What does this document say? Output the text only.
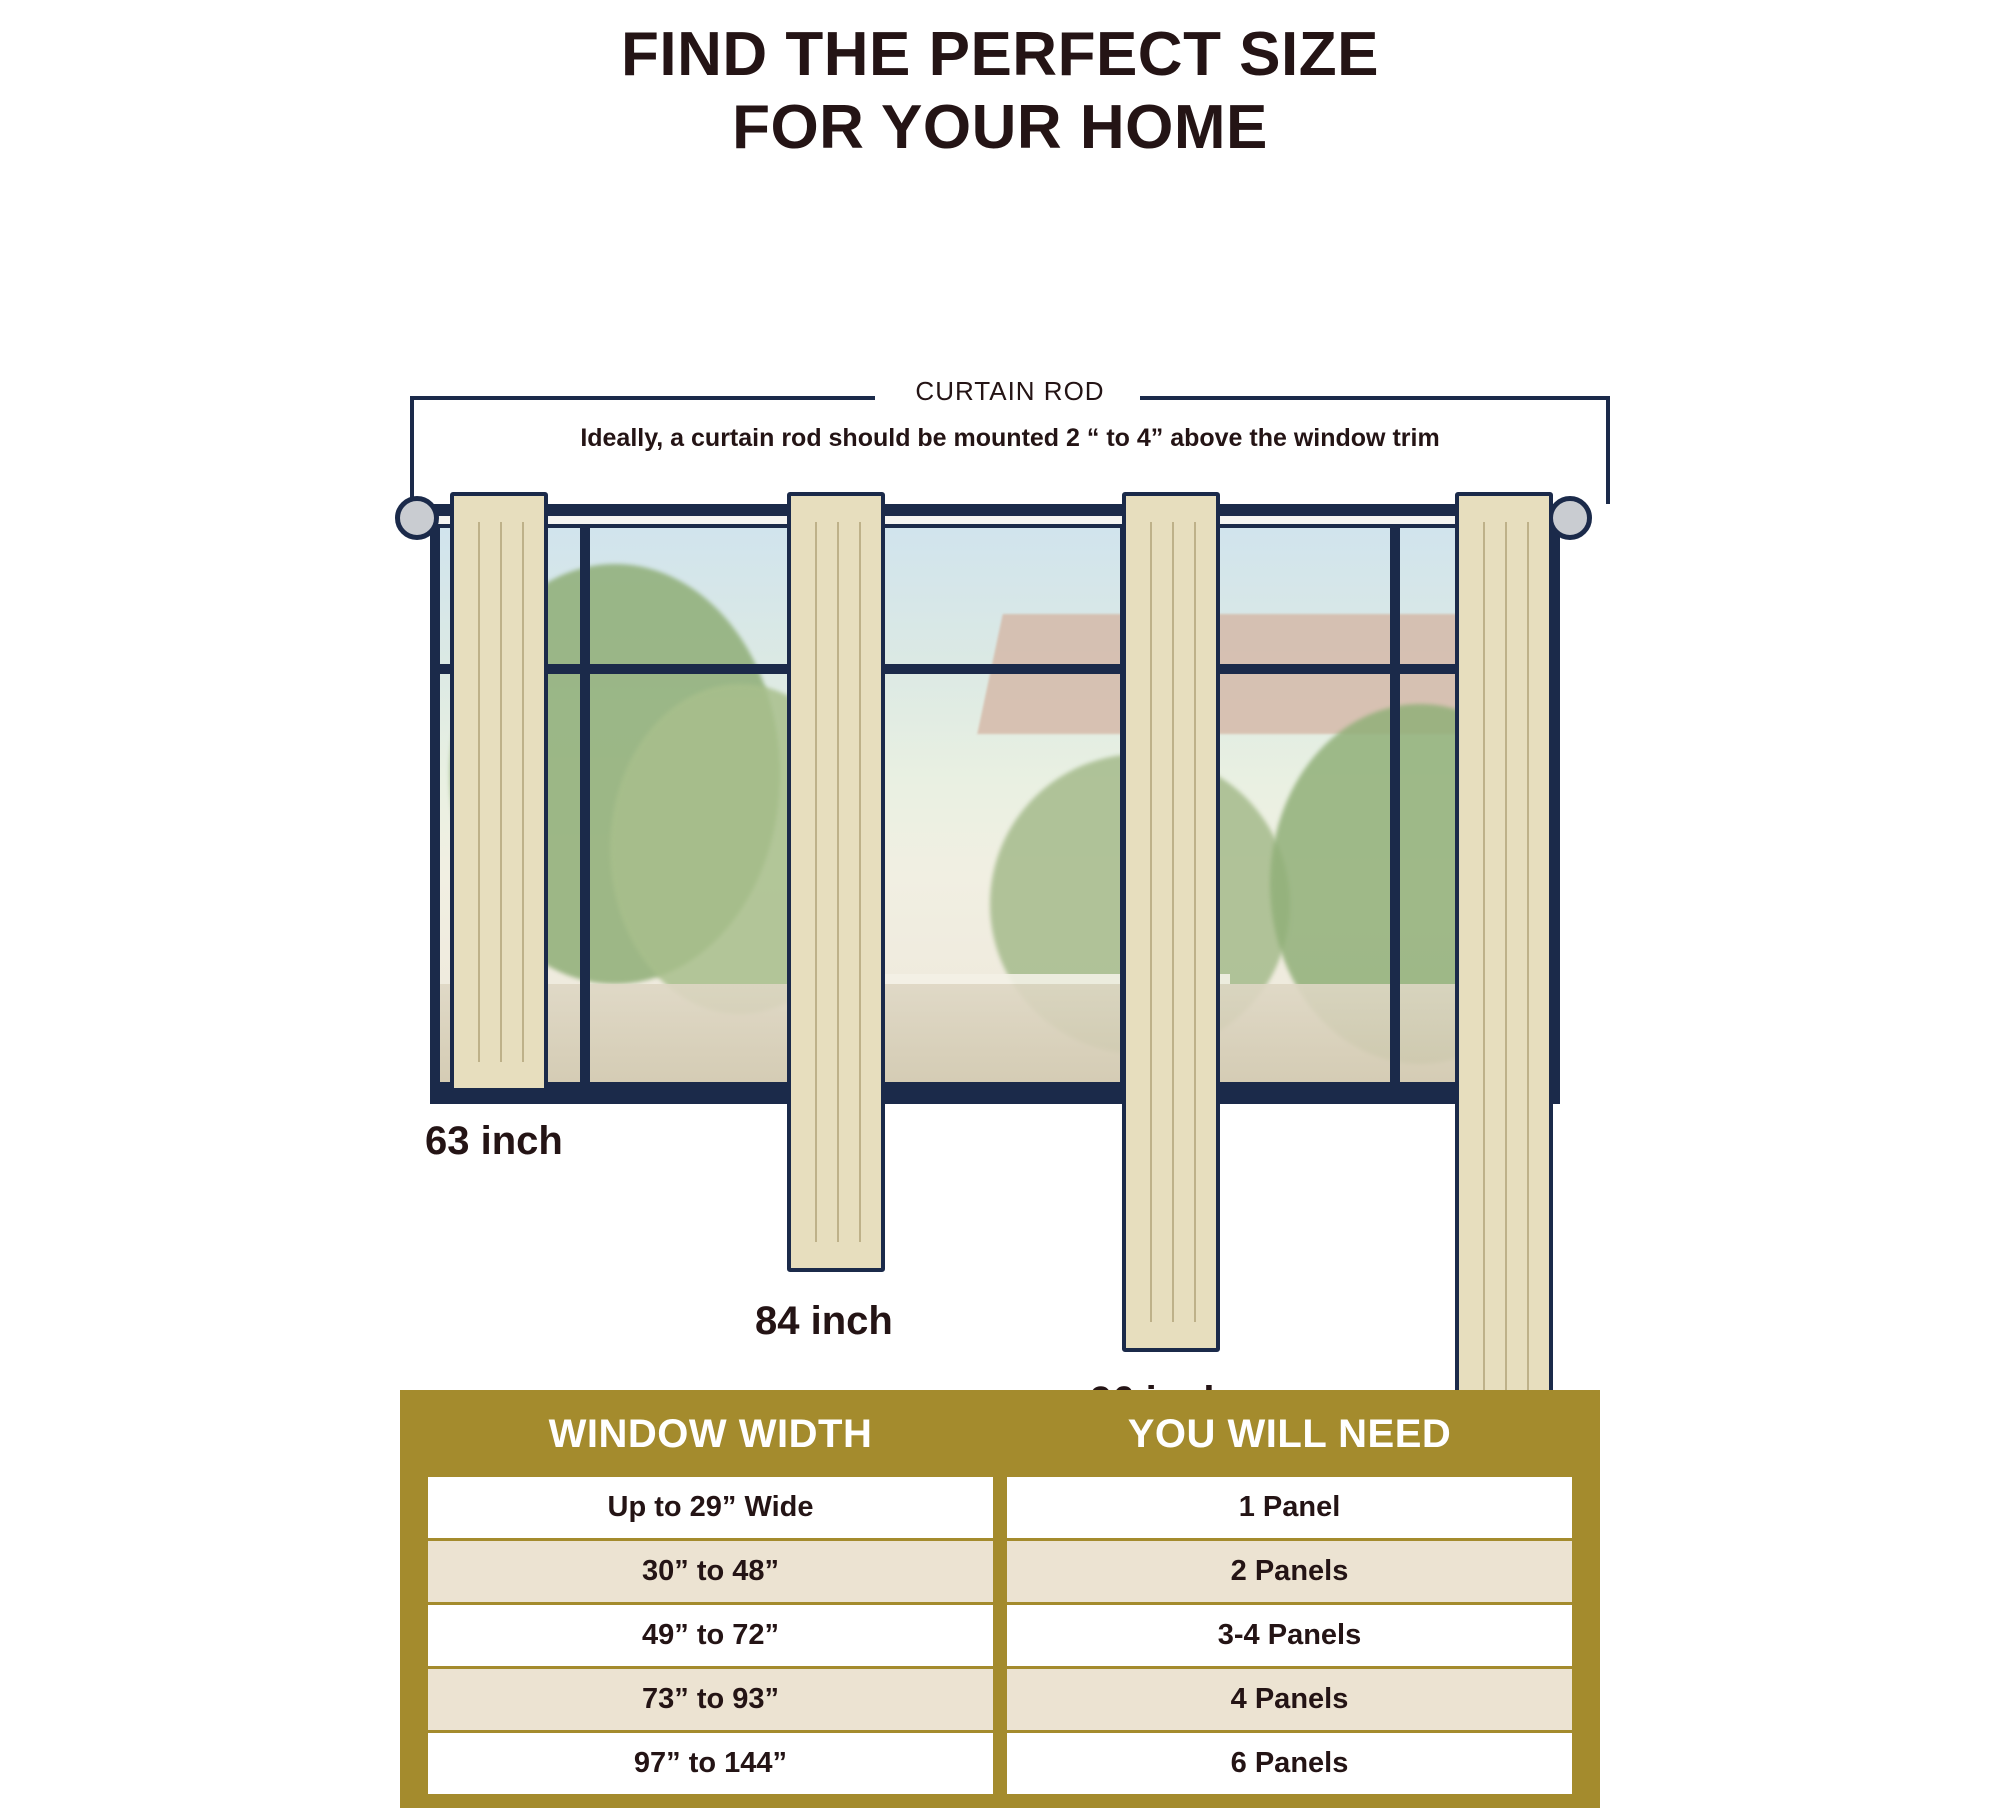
FIND THE PERFECT SIZE
FOR YOUR HOME
CURTAIN ROD
Ideally, a curtain rod should be mounted 2 “ to 4” above the window trim
63 inch
84 inch
WINDOW WIDTH	YOU WILL NEED
Up to 29” Wide	1 Panel
30” to 48”	2 Panels
49” to 72”	3-4 Panels
73” to 93”	4 Panels
97” to 144”	6 Panels
